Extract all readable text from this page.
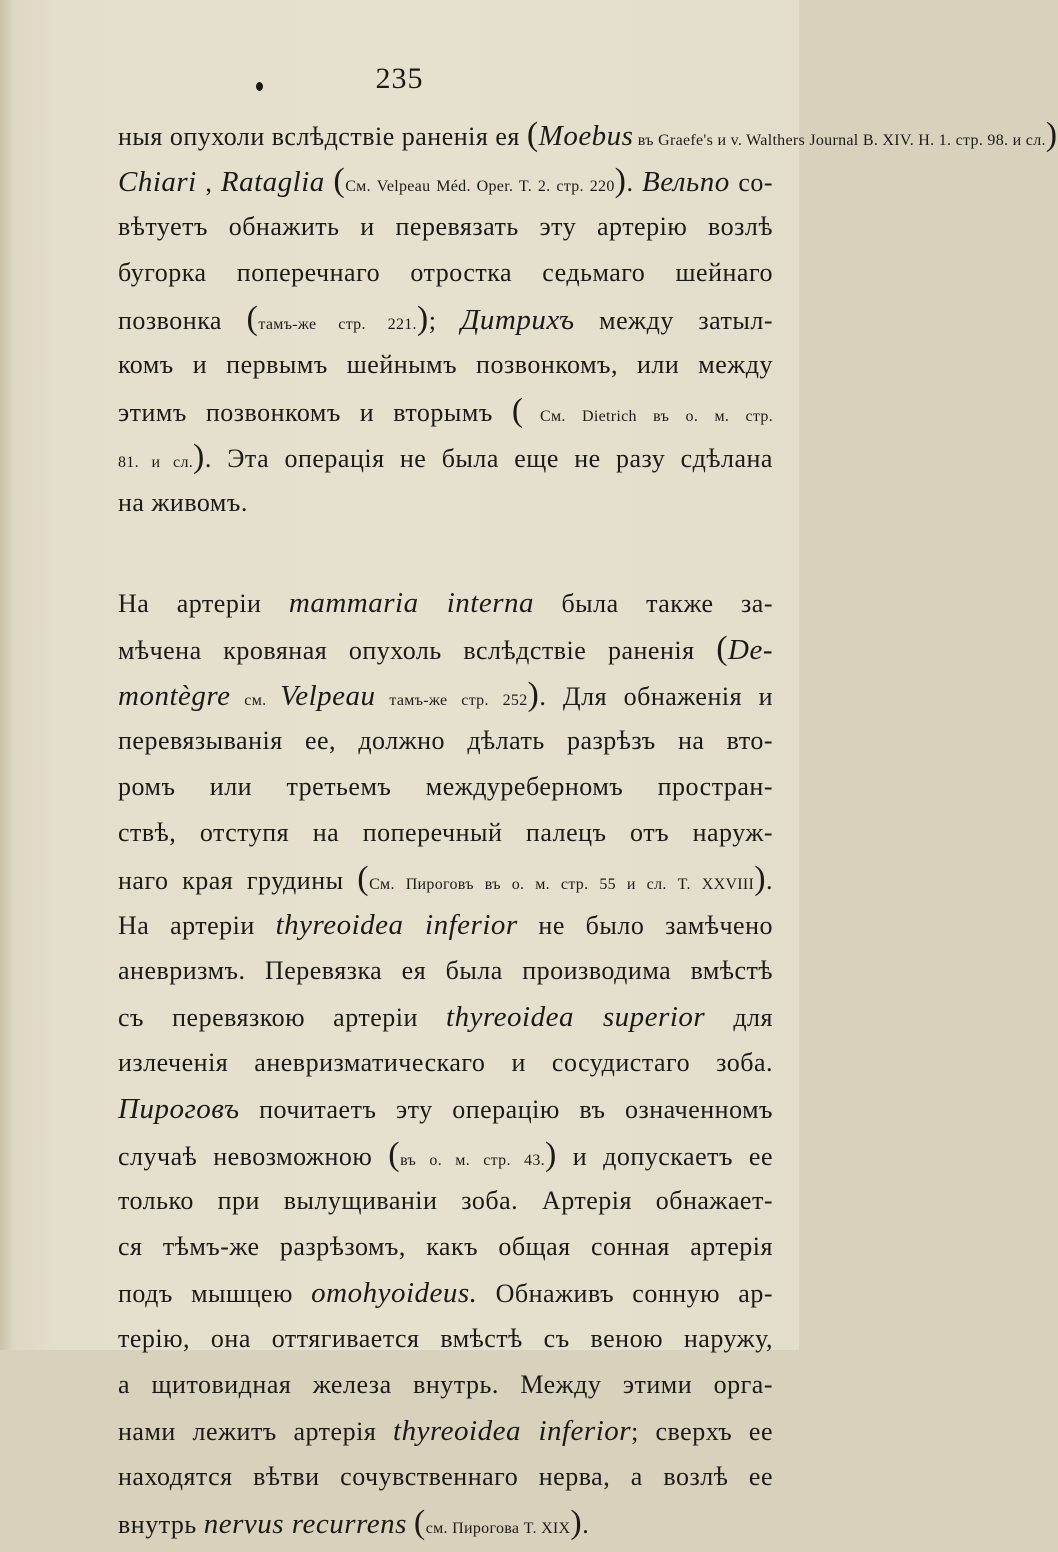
235
ныя опухоли вслѣдствіе раненія ея (Moebus въ Graefe's и v. Walthers Journal B. XIV. H. 1. стр. 98. и сл.)
Chiari , Ratagliа (См. Velpeau Méd. Oper. T. 2. стр. 220). Вельпо со-
вѣтуетъ обнажить и перевязать эту артерію возлѣ
бугорка поперечнаго отростка седьмаго шейнаго
позвонка (тамъ-же стр. 221.); Дитрихъ между затыл-
комъ и первымъ шейнымъ позвонкомъ, или между
этимъ позвонкомъ и вторымъ ( См. Dietrich въ о. м. стр.
81. и сл.). Эта операція не была еще не разу сдѣлана
на живомъ.
На артеріи mammaria interna была также за-
мѣчена кровяная опухоль вслѣдствіе раненія (De-
montègre см. Velpeau тамъ-же стр. 252). Для обнаженія и
перевязыванія ее, должно дѣлать разрѣзъ на вто-
ромъ или третьемъ междуреберномъ простран-
ствѣ, отступя на поперечный палецъ отъ наруж-
наго края грудины (См. Пироговъ въ о. м. стр. 55 и сл. T. XXVIII).
На артеріи thyreoidea inferior не было замѣчено
аневризмъ. Перевязка ея была производима вмѣстѣ
съ перевязкою артеріи thyreoidea superior для
излеченія аневризматическаго и сосудистаго зоба.
Пироговъ почитаетъ эту операцію въ означенномъ
случаѣ невозможною (въ о. м. стр. 43.) и допускаетъ ее
только при вылущиваніи зоба. Артерія обнажает-
ся тѣмъ-же разрѣзомъ, какъ общая сонная артерія
подъ мышцею omohyoideus. Обнаживъ сонную ар-
терію, она оттягивается вмѣстѣ съ веною наружу,
а щитовидная железа внутрь. Между этими орга-
нами лежитъ артерія thyreoidea inferior; сверхъ ее
находятся вѣтви сочувственнаго нерва, а возлѣ ее
внутрь nervus recurrens (см. Пирогова T. XIX).
